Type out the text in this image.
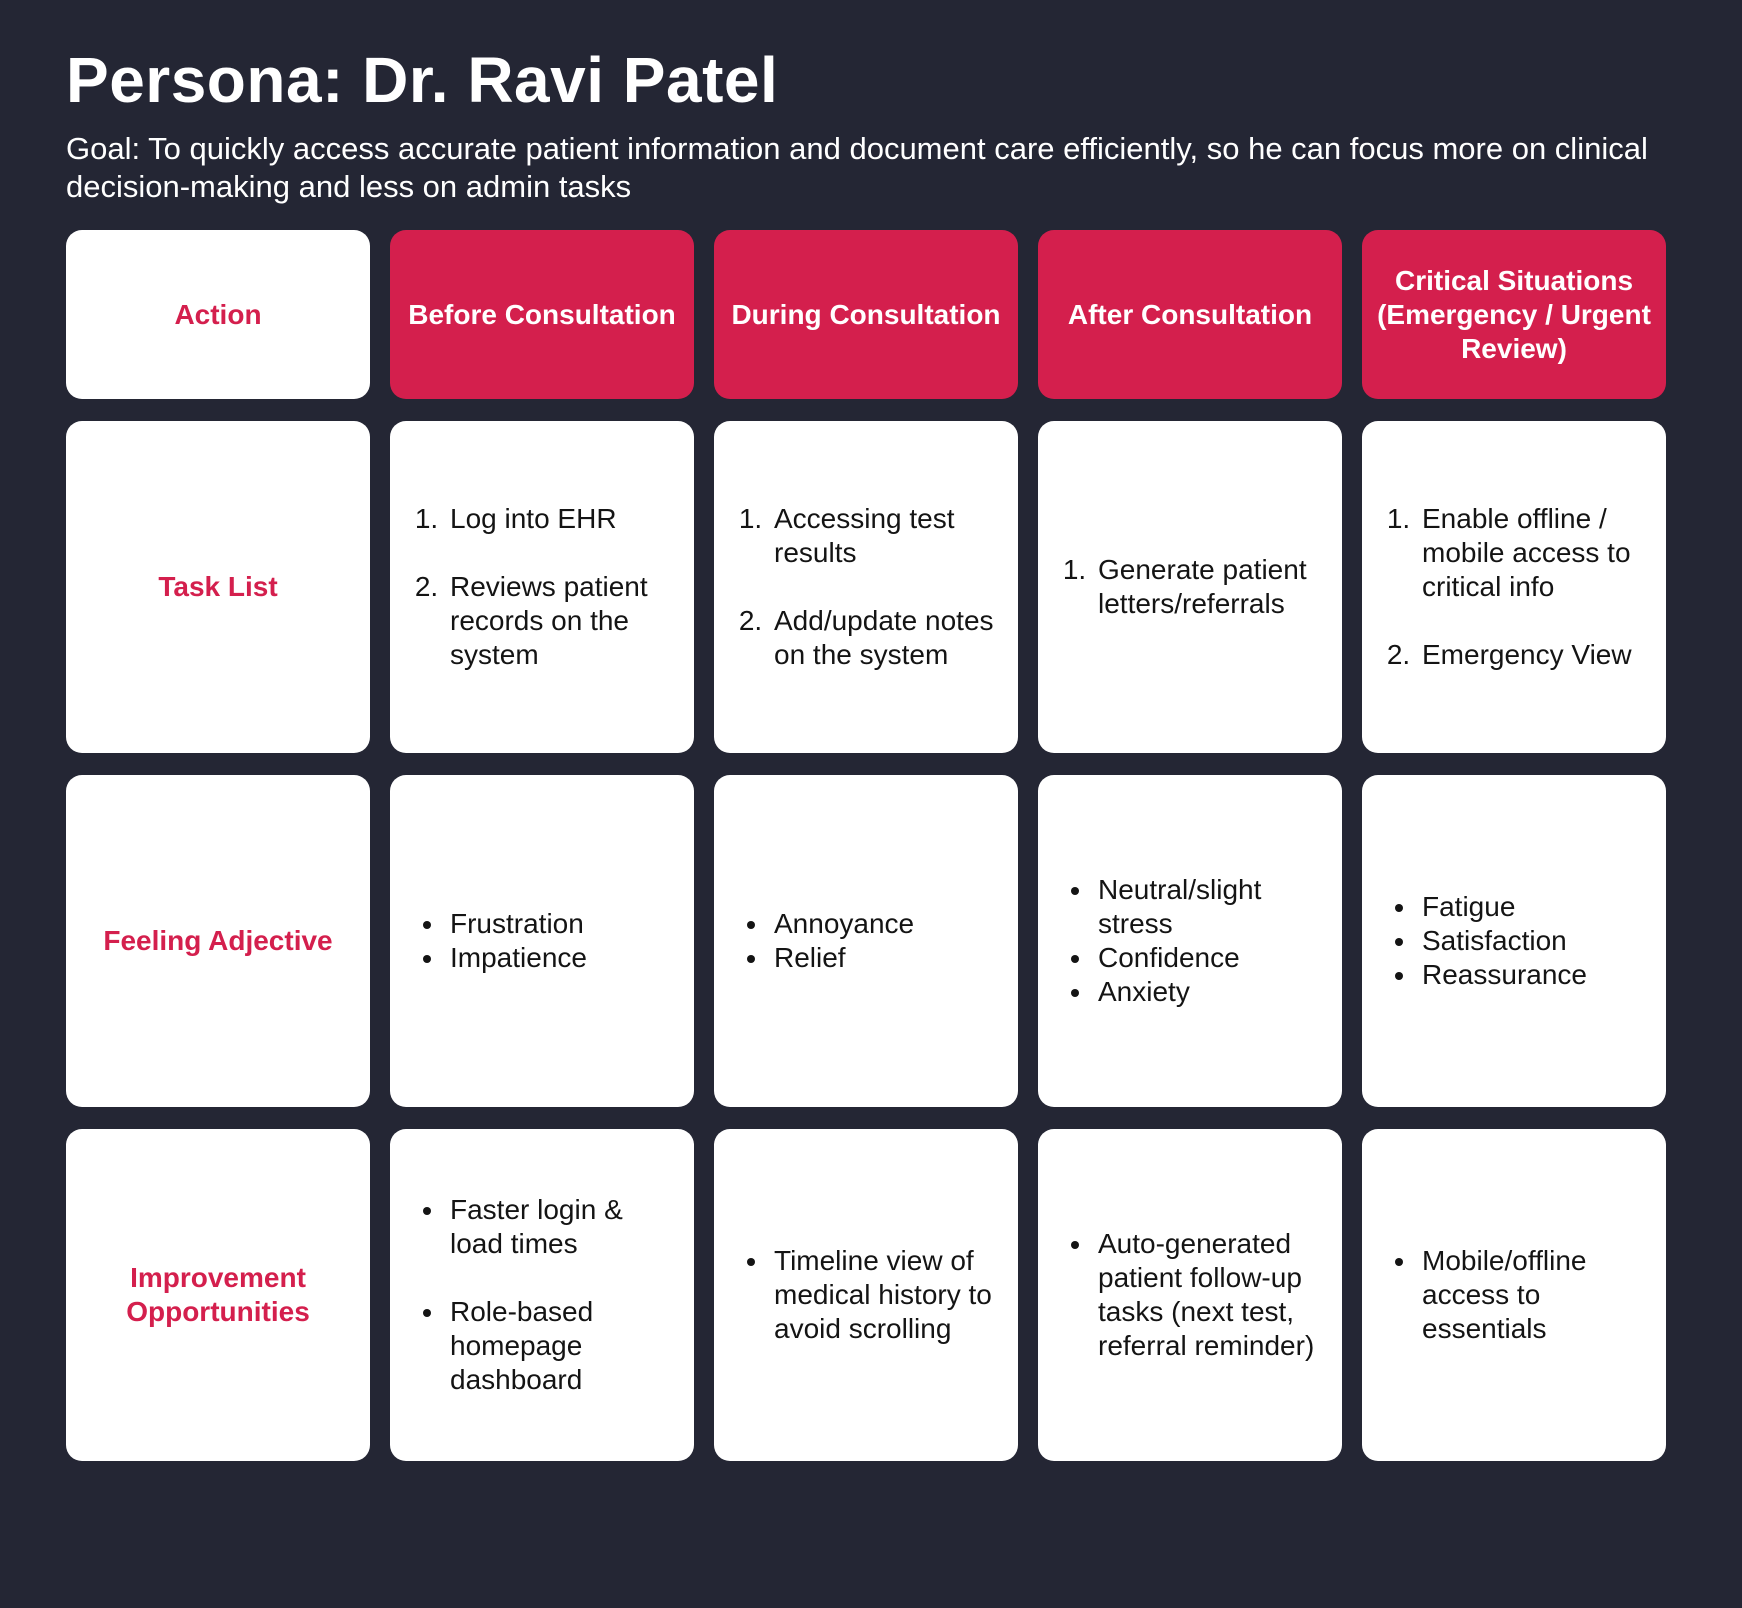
Persona: Dr. Ravi Patel

Goal: To quickly access accurate patient information and document care efficiently, so he can focus more on clinical decision-making and less on admin tasks

Action	Before Consultation During Consultation After Consultation
Critical Situations (Emergency / Urgent Review)
Task List
1. Log into EHR
2. Reviews patient records on the system
1. Accessing test results
2. Add/update notes on the system
1. Generate patient letters/referrals
1. Enable offline / mobile access to critical info
2. Emergency View
Feeling Adjective
• Frustration
• Impatience
• Annoyance
• Relief
• Neutral/slight stress
• Confidence
• Anxiety
• Fatigue
• Satisfaction
• Reassurance
Improvement Opportunities
• Faster login & load times
• Role-based homepage dashboard
• Timeline view of medical history to avoid scrolling
• Auto-generated patient follow-up tasks (next test, referral reminder)
• Mobile/offline access to essentials
